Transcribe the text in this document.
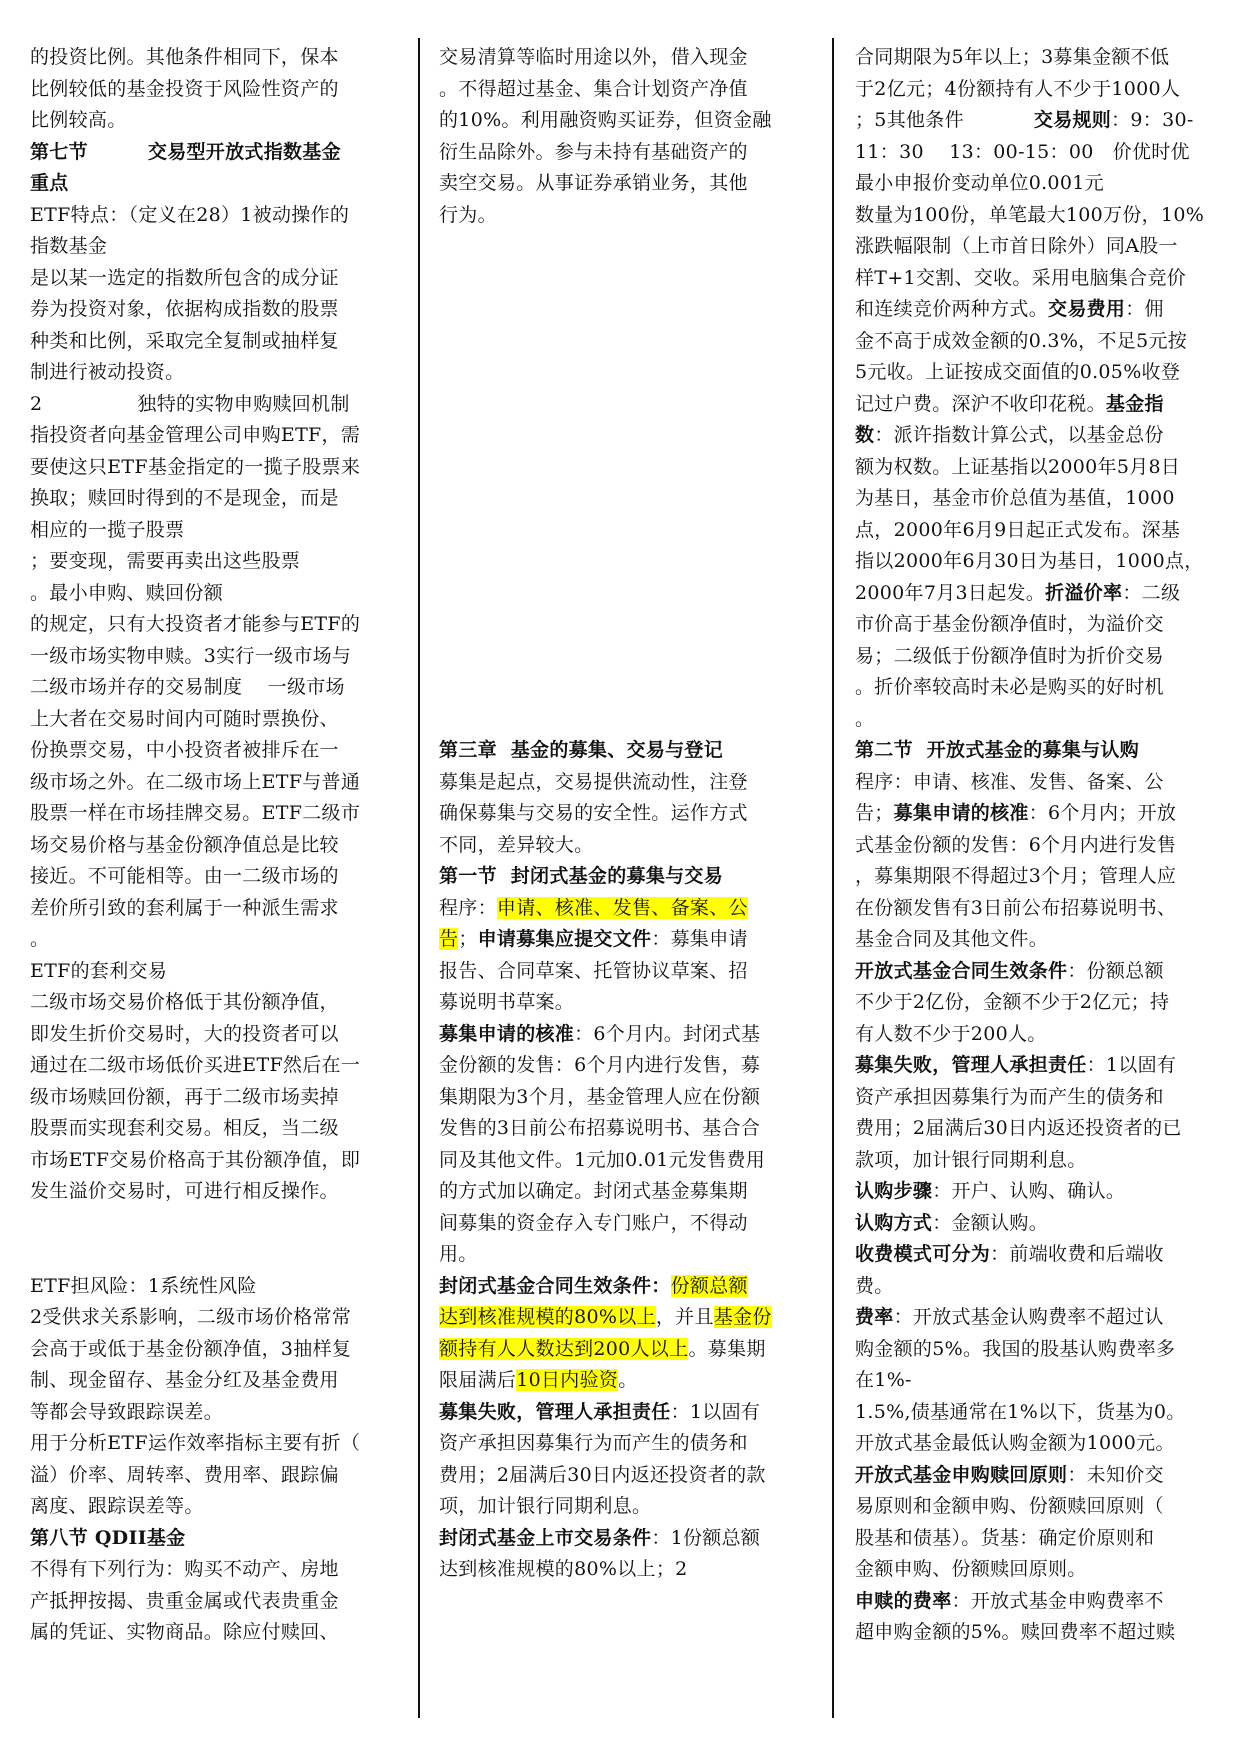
的投资比例。其他条件相同下，保本

比例较低的基金投资于风险性资产的

比例较高。

第七节	交易型开放式指数基金

重点

ETF特点：（定义在28）1被动操作的

指数基金

是以某一选定的指数所包含的成分证

券为投资对象，依据构成指数的股票

种类和比例，采取完全复制或抽样复

制进行被动投资。

2	独特的实物申购赎回机制

指投资者向基金管理公司申购ETF，需

要使这只ETF基金指定的一揽子股票来

换取；赎回时得到的不是现金，而是

相应的一揽子股票

；要变现，需要再卖出这些股票

。最小申购、赎回份额

的规定，只有大投资者才能参与ETF的

一级市场实物申赎。3实行一级市场与

二级市场并存的交易制度    一级市场

上大者在交易时间内可随时票换份、

份换票交易，中小投资者被排斥在一

级市场之外。在二级市场上ETF与普通

股票一样在市场挂牌交易。ETF二级市

场交易价格与基金份额净值总是比较

接近。不可能相等。由一二级市场的

差价所引致的套利属于一种派生需求

。

ETF的套利交易

二级市场交易价格低于其份额净值，

即发生折价交易时，大的投资者可以

通过在二级市场低价买进ETF然后在一

级市场赎回份额，再于二级市场卖掉

股票而实现套利交易。相反，当二级

市场ETF交易价格高于其份额净值，即

发生溢价交易时，可进行相反操作。

ETF担风险：1系统性风险

2受供求关系影响，二级市场价格常常

会高于或低于基金份额净值，3抽样复

制、现金留存、基金分红及基金费用

等都会导致跟踪误差。

用于分析ETF运作效率指标主要有折（

溢）价率、周转率、费用率、跟踪偏

离度、跟踪误差等。

第八节 QDII基金

不得有下列行为：购买不动产、房地

产抵押按揭、贵重金属或代表贵重金

属的凭证、实物商品。除应付赎回、

交易清算等临时用途以外，借入现金

。不得超过基金、集合计划资产净值

的10%。利用融资购买证券，但资金融

衍生品除外。参与未持有基础资产的

卖空交易。从事证券承销业务，其他

行为。

第三章  基金的募集、交易与登记

募集是起点，交易提供流动性，注登

确保募集与交易的安全性。运作方式

不同，差异较大。

第一节  封闭式基金的募集与交易

程序：申请、核准、发售、备案、公

告；申请募集应提交文件：募集申请

报告、合同草案、托管协议草案、招

募说明书草案。

募集申请的核准：6个月内。封闭式基

金份额的发售：6个月内进行发售，募

集期限为3个月，基金管理人应在份额

发售的3日前公布招募说明书、基合合

同及其他文件。1元加0.01元发售费用

的方式加以确定。封闭式基金募集期

间募集的资金存入专门账户，不得动

用。

封闭式基金合同生效条件：份额总额

达到核准规模的80%以上，并且基金份

额持有人人数达到200人以上。募集期

限届满后10日内验资。

募集失败，管理人承担责任：1以固有

资产承担因募集行为而产生的债务和

费用；2届满后30日内返还投资者的款

项，加计银行同期利息。

封闭式基金上市交易条件：1份额总额

达到核准规模的80%以上；2

合同期限为5年以上；3募集金额不低

于2亿元；4份额持有人不少于1000人

；5其他条件	交易规则：9：30-

11：30    13：00-15：00   价优时优

最小申报价变动单位0.001元

数量为100份，单笔最大100万份，10%

涨跌幅限制（上市首日除外）同A股一

样T+1交割、交收。采用电脑集合竞价

和连续竞价两种方式。交易费用：佣

金不高于成效金额的0.3%，不足5元按

5元收。上证按成交面值的0.05%收登

记过户费。深沪不收印花税。基金指

数：派许指数计算公式，以基金总份

额为权数。上证基指以2000年5月8日

为基日，基金市价总值为基值，1000

点，2000年6月9日起正式发布。深基

指以2000年6月30日为基日，1000点，

2000年7月3日起发。折溢价率：二级

市价高于基金份额净值时，为溢价交

易；二级低于份额净值时为折价交易

。折价率较高时未必是购买的好时机

。

第二节  开放式基金的募集与认购

程序：申请、核准、发售、备案、公

告；募集申请的核准：6个月内；开放

式基金份额的发售：6个月内进行发售

，募集期限不得超过3个月；管理人应

在份额发售有3日前公布招募说明书、

基金合同及其他文件。

开放式基金合同生效条件：份额总额

不少于2亿份，金额不少于2亿元；持

有人数不少于200人。

募集失败，管理人承担责任：1以固有

资产承担因募集行为而产生的债务和

费用；2届满后30日内返还投资者的已

款项，加计银行同期利息。

认购步骤：开户、认购、确认。

认购方式：金额认购。

收费模式可分为：前端收费和后端收

费。

费率：开放式基金认购费率不超过认

购金额的5%。我国的股基认购费率多

在1%-

1.5%,债基通常在1%以下，货基为0。

开放式基金最低认购金额为1000元。

开放式基金申购赎回原则：未知价交

易原则和金额申购、份额赎回原则（

股基和债基）。货基：确定价原则和

金额申购、份额赎回原则。

申赎的费率：开放式基金申购费率不

超申购金额的5%。赎回费率不超过赎
